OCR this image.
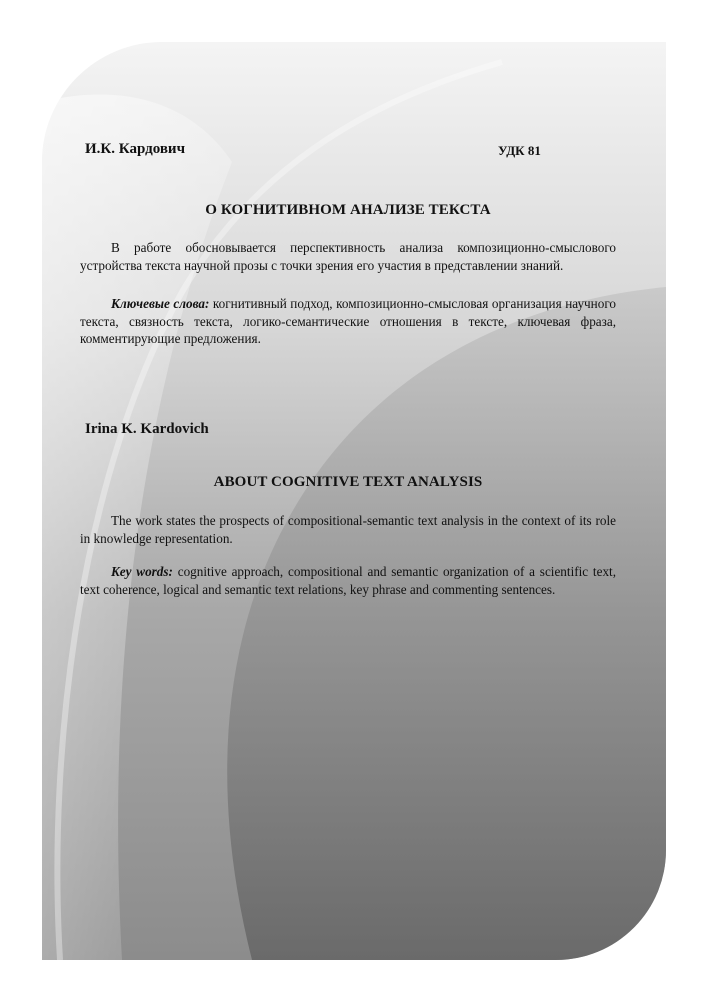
И.К. Кардович	УДК 81
О КОГНИТИВНОМ АНАЛИЗЕ ТЕКСТА
В работе обосновывается перспективность анализа композиционно-смыслового устройства текста научной прозы с точки зрения его участия в представлении знаний.
Ключевые слова: когнитивный подход, композиционно-смысловая организация научного текста, связность текста, логико-семантические отношения в тексте, ключевая фраза, комментирующие предложения.
Irina K. Kardovich
ABOUT COGNITIVE TEXT ANALYSIS
The work states the prospects of compositional-semantic text analysis in the context of its role in knowledge representation.
Key words: cognitive approach, compositional and semantic organization of a scientific text, text coherence, logical and semantic text relations, key phrase and commenting sentences.
